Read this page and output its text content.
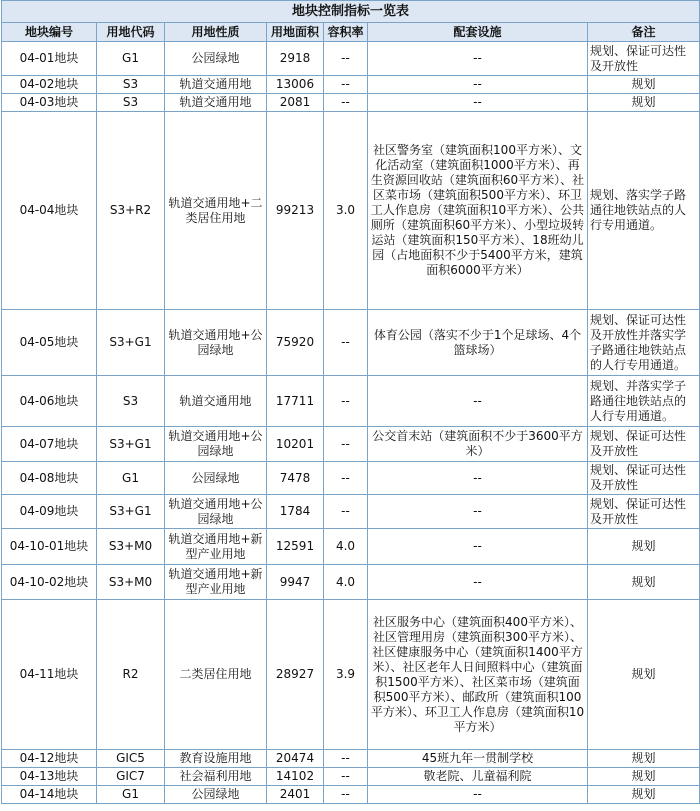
地块控制指标一览表						
地块编号	用地代码	用地性质	用地面积	容积率	配套设施	备注
04-01地块	G1	公园绿地	2918	--	--	规划、保证可达性及开放性
04-02地块	S3	轨道交通用地	13006	--	--	规划
04-03地块	S3	轨道交通用地	2081	--	--	规划
04-04地块	S3+R2	轨道交通用地+二类居住用地	99213	3.0	社区警务室（建筑面积100平方米）、文化活动室（建筑面积1000平方米）、再生资源回收站（建筑面积60平方米）、社区菜市场（建筑面积500平方米）、环卫工人作息房（建筑面积10平方米）、公共厕所（建筑面积60平方米）、小型垃圾转运站（建筑面积150平方米）、18班幼儿园（占地面积不少于5400平方米，建筑面积6000平方米）	规划、落实学子路通往地铁站点的人行专用通道。
04-05地块	S3+G1	轨道交通用地+公园绿地	75920	--	体育公园（落实不少于1个足球场、4个篮球场）	规划、保证可达性及开放性并落实学子路通往地铁站点的人行专用通道。
04-06地块	S3	轨道交通用地	17711	--	--	规划、并落实学子路通往地铁站点的人行专用通道。
04-07地块	S3+G1	轨道交通用地+公园绿地	10201	--	公交首末站（建筑面积不少于3600平方米）	规划、保证可达性及开放性
04-08地块	G1	公园绿地	7478	--	--	规划、保证可达性及开放性
04-09地块	S3+G1	轨道交通用地+公园绿地	1784	--	--	规划、保证可达性及开放性
04-10-01地块	S3+M0	轨道交通用地+新型产业用地	12591	4.0	--	规划
04-10-02地块	S3+M0	轨道交通用地+新型产业用地	9947	4.0	--	规划
04-11地块	R2	二类居住用地	28927	3.9	社区服务中心（建筑面积400平方米）、社区管理用房（建筑面积300平方米）、社区健康服务中心（建筑面积1400平方米）、社区老年人日间照料中心（建筑面积1500平方米）、社区菜市场（建筑面积500平方米）、邮政所（建筑面积100平方米）、环卫工人作息房（建筑面积10平方米）	规划
04-12地块	GIC5	教育设施用地	20474	--	45班九年一贯制学校	规划
04-13地块	GIC7	社会福利用地	14102	--	敬老院、儿童福利院	规划
04-14地块	G1	公园绿地	2401	--	--	规划
